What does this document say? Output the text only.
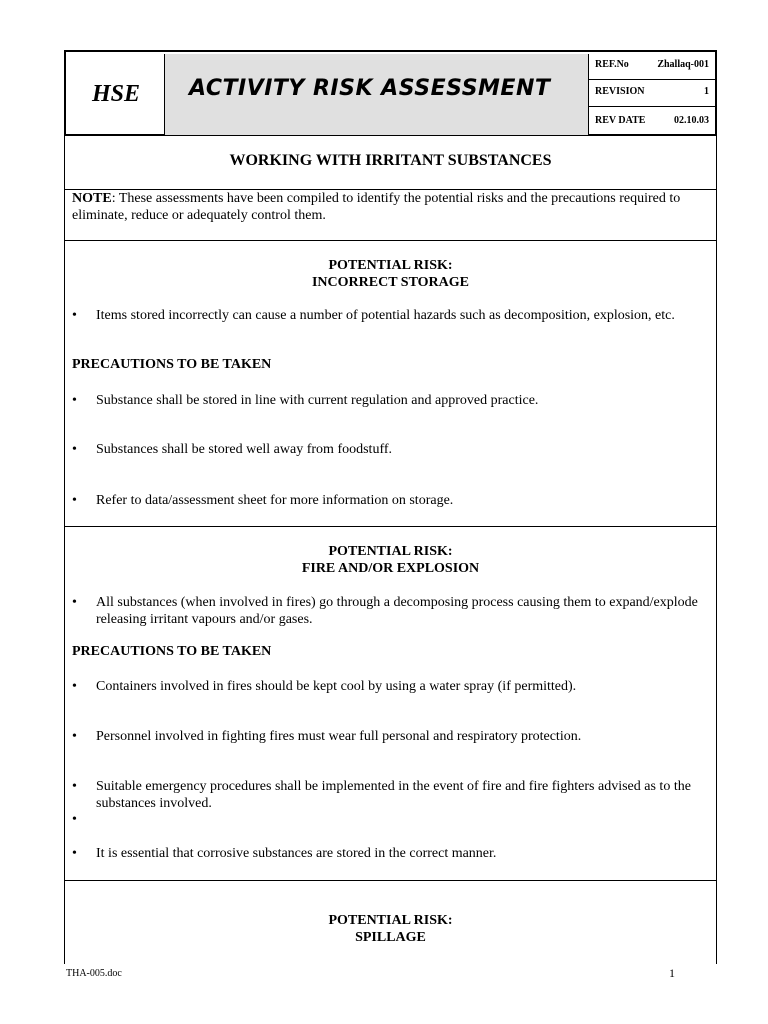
HSE ACTIVITY RISK ASSESSMENT
REF.No	Zhallaq-001
REVISION	1
REV DATE	02.10.03
WORKING WITH IRRITANT SUBSTANCES
NOTE: These assessments have been compiled to identify the potential risks and the precautions required to eliminate, reduce or adequately control them.
POTENTIAL RISK:
INCORRECT STORAGE
• Items stored incorrectly can cause a number of potential hazards such as decomposition, explosion, etc.
PRECAUTIONS TO BE TAKEN
• Substance shall be stored in line with current regulation and approved practice.
• Substances shall be stored well away from foodstuff.
• Refer to data/assessment sheet for more information on storage.
POTENTIAL RISK:
FIRE AND/OR EXPLOSION
• All substances (when involved in fires) go through a decomposing process causing them to expand/explode releasing irritant vapours and/or gases.
PRECAUTIONS TO BE TAKEN
• Containers involved in fires should be kept cool by using a water spray (if permitted).
• Personnel involved in fighting fires must wear full personal and respiratory protection.
• Suitable emergency procedures shall be implemented in the event of fire and fire fighters advised as to the substances involved.
•
• It is essential that corrosive substances are stored in the correct manner.
POTENTIAL RISK:
SPILLAGE
THA-005.doc	1
